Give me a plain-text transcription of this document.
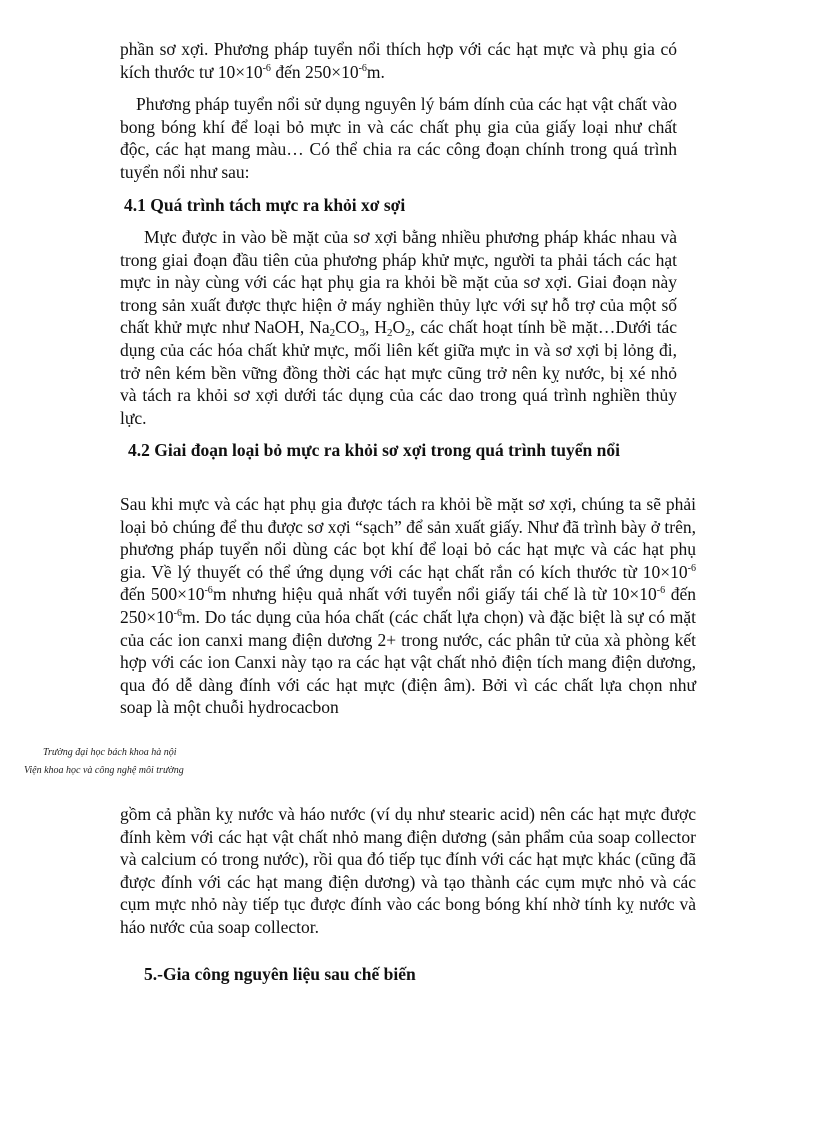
phần sơ xợi. Phương pháp tuyển nổi thích hợp với các hạt mực và phụ gia có kích thước tư $10\times 10^{-6}$ đến $250\times 10^{-6}m$.

Phương pháp tuyển nổi sử dụng nguyên lý bám dính của các hạt vật chất vào bong bóng khí để loại bỏ mực in và các chất phụ gia của giấy loại như chất độc, các hạt mang màu… Có thể chia ra các công đoạn chính trong quá trình tuyển nổi như sau:

4.1 Quá trình tách mực ra khỏi xơ sợi

Mực được in vào bề mặt của sơ xợi bằng nhiều phương pháp khác nhau và trong giai đoạn đầu tiên của phương pháp khử mực, người ta phải tách các hạt mực in này cùng với các hạt phụ gia ra khỏi bề mặt của sơ xợi. Giai đoạn này trong sản xuất được thực hiện ở máy nghiền thủy lực với sự hỗ trợ của một số chất khử mực như NaOH, $Na_2CO_3$, $H_2O_2$, các chất hoạt tính bề mặt…Dưới tác dụng của các hóa chất khử mực, mối liên kết giữa mực in và sơ xợi bị lỏng đi, trở nên kém bền vững đồng thời các hạt mực cũng trở nên kỵ nước, bị xé nhỏ và tách ra khỏi sơ xợi dưới tác dụng của các dao trong quá trình nghiền thủy lực.

4.2 Giai đoạn loại bỏ mực ra khỏi sơ xợi trong quá trình tuyển nổi

Sau khi mực và các hạt phụ gia được tách ra khỏi bề mặt sơ xợi, chúng ta sẽ phải loại bỏ chúng để thu được sơ xợi “sạch” để sản xuất giấy. Như đã trình bày ở trên, phương pháp tuyển nổi dùng các bọt khí để loại bỏ các hạt mực và các hạt phụ gia. Về lý thuyết có thể ứng dụng với các hạt chất rắn có kích thước từ $10\times 10^{-6}$ đến $500\times 10^{-6}m$ nhưng hiệu quả nhất với tuyển nổi giấy tái chế là từ $10\times 10^{-6}$ đến $250\times 10^{-6}m$. Do tác dụng của hóa chất (các chất lựa chọn) và đặc biệt là sự có mặt của các ion canxi mang điện dương 2+ trong nước, các phân tử của xà phòng kết hợp với các ion Canxi này tạo ra các hạt vật chất nhỏ điện tích mang điện dương, qua đó dễ dàng đính với các hạt mực (điện âm). Bởi vì các chất lựa chọn như soap là một chuỗi hydrocacbon

Trường đại học bách khoa hà nội
Viện khoa học và công nghệ môi trường

gồm cả phần kỵ nước và háo nước (ví dụ như stearic acid) nên các hạt mực được đính kèm với các hạt vật chất nhỏ mang điện dương (sản phẩm của soap collector và calcium có trong nước), rồi qua đó tiếp tục đính với các hạt mực khác (cũng đã được đính với các hạt mang điện dương) và tạo thành các cụm mực nhỏ và các cụm mực nhỏ này tiếp tục được đính vào các bong bóng khí nhờ tính kỵ nước và háo nước của soap collector.

5.-Gia công nguyên liệu sau chế biến
